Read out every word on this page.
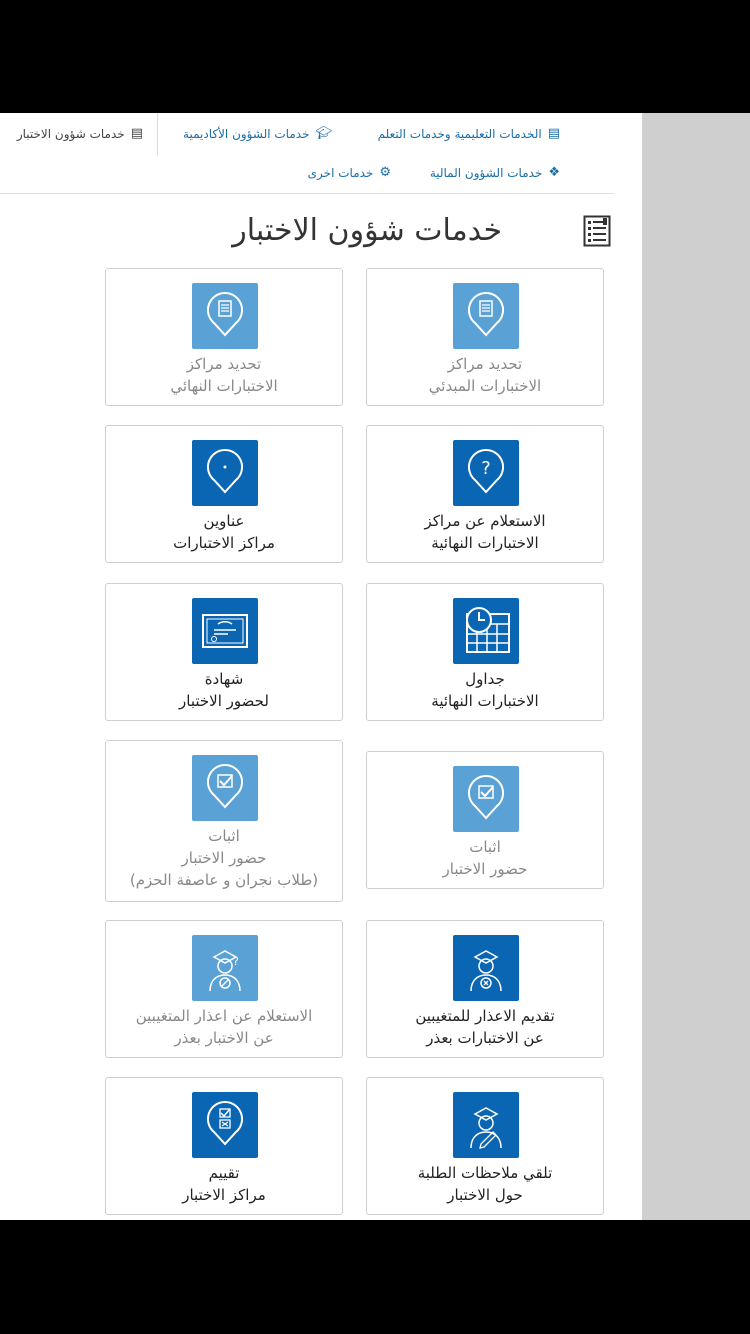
▤
خدمات شؤون الاختبار	▤
الخدمات التعليمية وخدمات التعلم
🎓︎
خدمات الشؤون الأكاديمية
❖
خدمات الشؤون المالية
⚙
خدمات اخرى
خدمات شؤون الاختبار
تحديد مراكز
الاختبارات المبدئي
تحديد مراكز
الاختبارات النهائي
?
الاستعلام عن مراكز
الاختبارات النهائية
عناوين
مراكز الاختبارات
جداول
الاختبارات النهائية
شهادة
لحضور الاختبار
اثبات
حضور الاختبار
اثبات
حضور الاختبار
(طلاب نجران و عاصفة الحزم)
تقديم الاعذار للمتغيبين
عن الاختبارات بعذر
?
الاستعلام عن اعذار المتغيبين
عن الاختبار بعذر
تلقي ملاحظات الطلبة
حول الاختبار
تقييم
مراكز الاختبار
